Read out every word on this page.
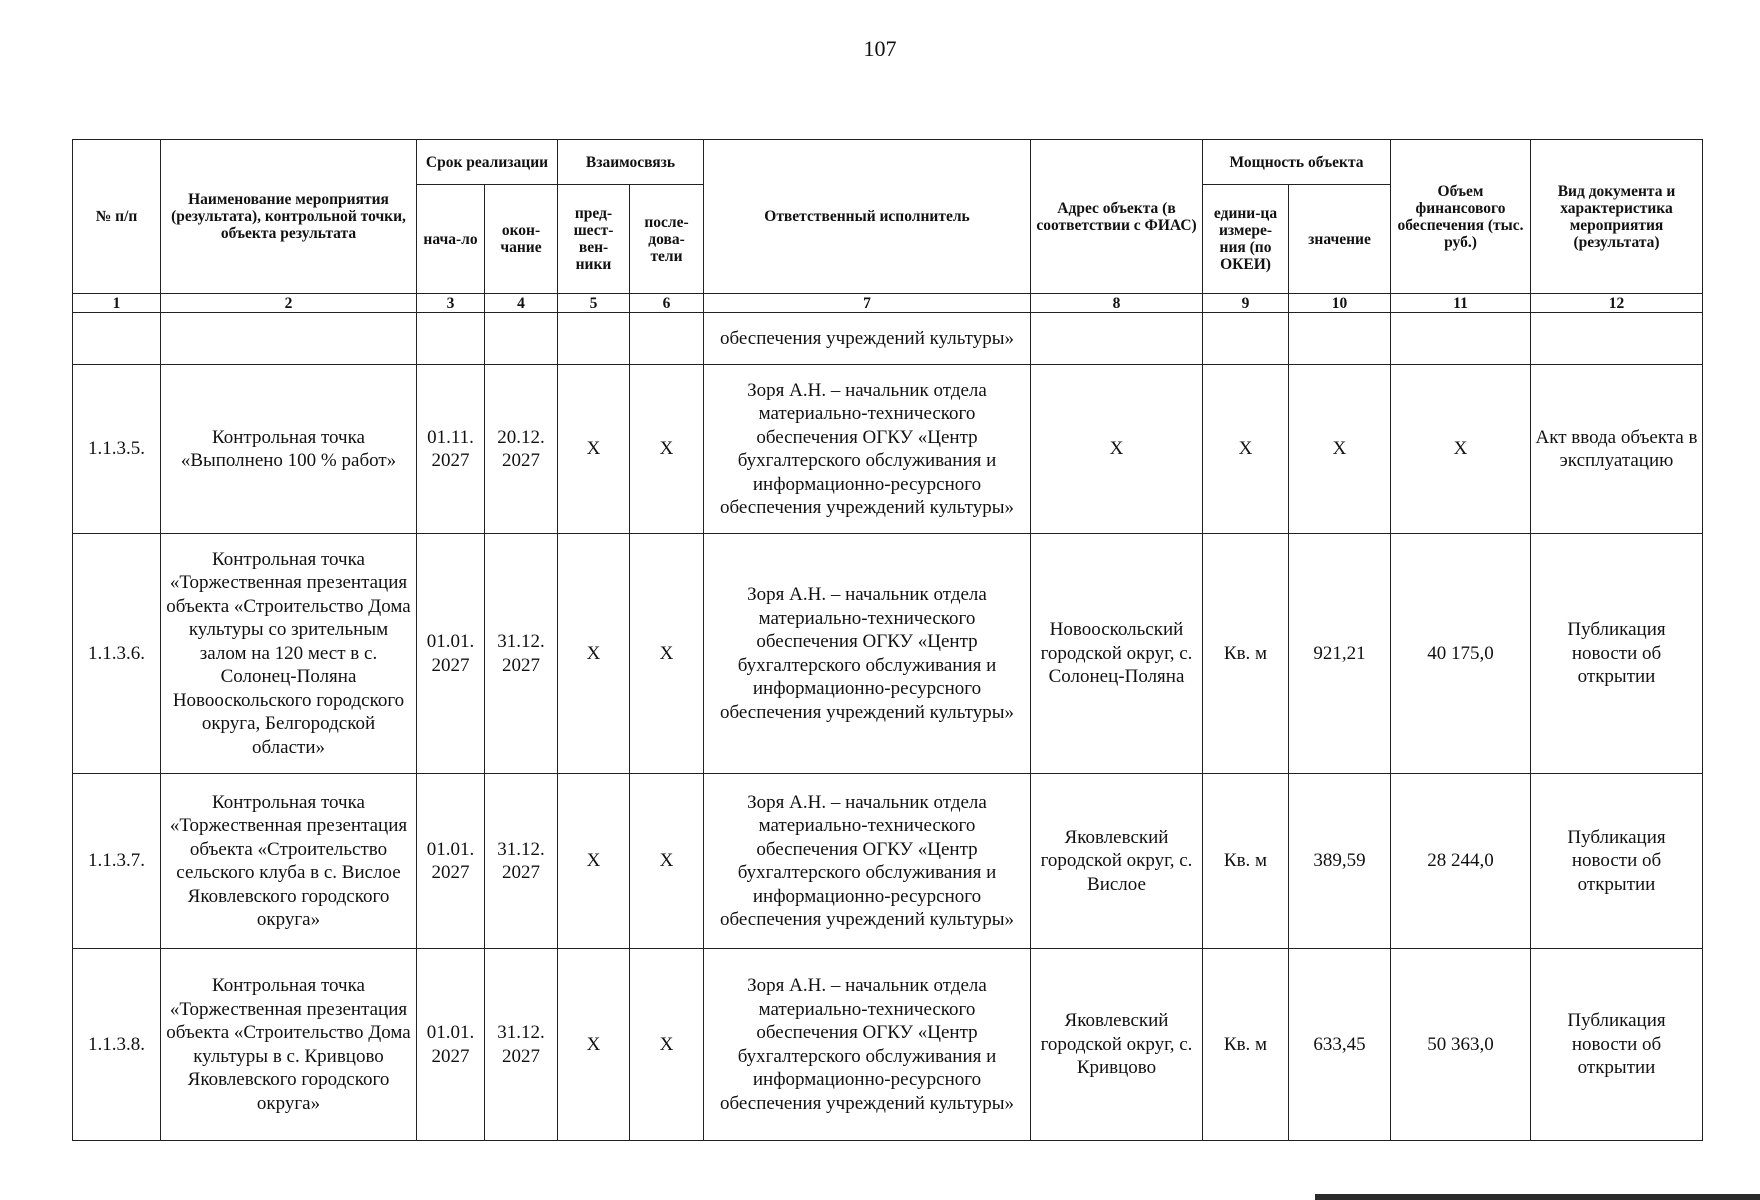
107
№ п/п	Наименование мероприятия (результата), контрольной точки, объекта результата	Срок реализации		Взаимосвязь		Ответственный исполнитель	Адрес объекта (в соответствии с ФИАС)	Мощность объекта		Объем финансового обеспечения (тыс. руб.)	Вид документа и характеристика мероприятия (результата)
		нача-ло	окон-чание	пред-шест-вен-ники	после-дова-тели			едини-ца измере-ния (по ОКЕИ)	значение		
1	2	3	4	5	6	7	8	9	10	11	12
						обеспечения учреждений культуры»					
1.1.3.5.	Контрольная точка «Выполнено 100 % работ»	01.11. 2027	20.12. 2027	X	X	Зоря А.Н. – начальник отдела материально-технического обеспечения ОГКУ «Центр бухгалтерского обслуживания и информационно-ресурсного обеспечения учреждений культуры»	X	X	X	X	Акт ввода объекта в эксплуатацию
1.1.3.6.	Контрольная точка «Торжественная презентация объекта «Строительство Дома культуры со зрительным залом на 120 мест в с. Солонец-Поляна Новооскольского городского округа, Белгородской области»	01.01. 2027	31.12. 2027	X	X	Зоря А.Н. – начальник отдела материально-технического обеспечения ОГКУ «Центр бухгалтерского обслуживания и информационно-ресурсного обеспечения учреждений культуры»	Новооскольский городской округ, с. Солонец-Поляна	Кв. м	921,21	40 175,0	Публикация новости об открытии
1.1.3.7.	Контрольная точка «Торжественная презентация объекта «Строительство сельского клуба в с. Вислое Яковлевского городского округа»	01.01. 2027	31.12. 2027	X	X	Зоря А.Н. – начальник отдела материально-технического обеспечения ОГКУ «Центр бухгалтерского обслуживания и информационно-ресурсного обеспечения учреждений культуры»	Яковлевский городской округ, с. Вислое	Кв. м	389,59	28 244,0	Публикация новости об открытии
1.1.3.8.	Контрольная точка «Торжественная презентация объекта «Строительство Дома культуры в с. Кривцово Яковлевского городского округа»	01.01. 2027	31.12. 2027	X	X	Зоря А.Н. – начальник отдела материально-технического обеспечения ОГКУ «Центр бухгалтерского обслуживания и информационно-ресурсного обеспечения учреждений культуры»	Яковлевский городской округ, с. Кривцово	Кв. м	633,45	50 363,0	Публикация новости об открытии
